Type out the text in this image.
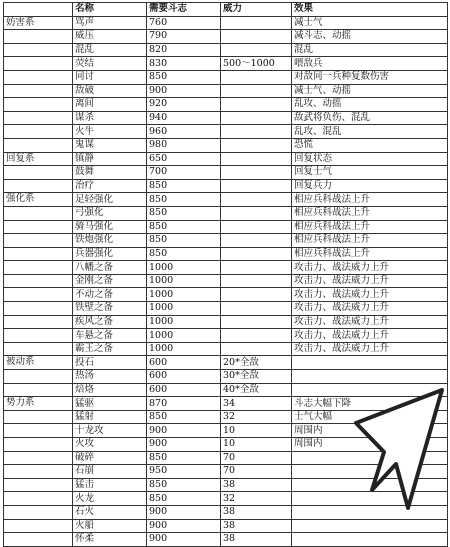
	名称	需要斗志	威力	效果
妨害系	骂声	760		减士气
	威压	790		减斗志、动摇
	混乱	820		混乱
	荧结	830	500～1000	喂敌兵
	同讨	850		对敌同一兵种复数伤害
	敌破	900		减士气、动摇
	离间	920		乱攻、动摇
	谋杀	940		敌武将负伤、混乱
	火牛	960		乱攻、混乱
	鬼谋	980		恐慌
回复系	镇静	650		回复状态
	鼓舞	700		回复士气
	治疗	850		回复兵力
强化系	足轻强化	850		相应兵科战法上升
	弓强化	850		相应兵科战法上升
	骑马强化	850		相应兵科战法上升
	铁炮强化	850		相应兵科战法上升
	兵器强化	850		相应兵科战法上升
	八幡之备	1000		攻击力、战法威力上升
	金刚之备	1000		攻击力、战法威力上升
	不动之备	1000		攻击力、战法威力上升
	铁壁之备	1000		攻击力、战法威力上升
	疾风之备	1000		攻击力、战法威力上升
	车悬之备	1000		攻击力、战法威力上升
	霸王之备	1000		攻击力、战法威力上升
被动系	投石	600	20*全敌	
	热汤	600	30*全敌	
	焙烙	600	40*全敌	
势力系	猛驱	870	34	斗志大幅下降
	猛射	850	32	士气大幅
	十龙攻	900	10	周围内
	火攻	900	10	周围内
	破碎	850	70	
	石崩	950	70	
	猛击	850	38	
	火龙	850	32	
	石火	900	38	
	火船	900	38	
	怀柔	900	38	
